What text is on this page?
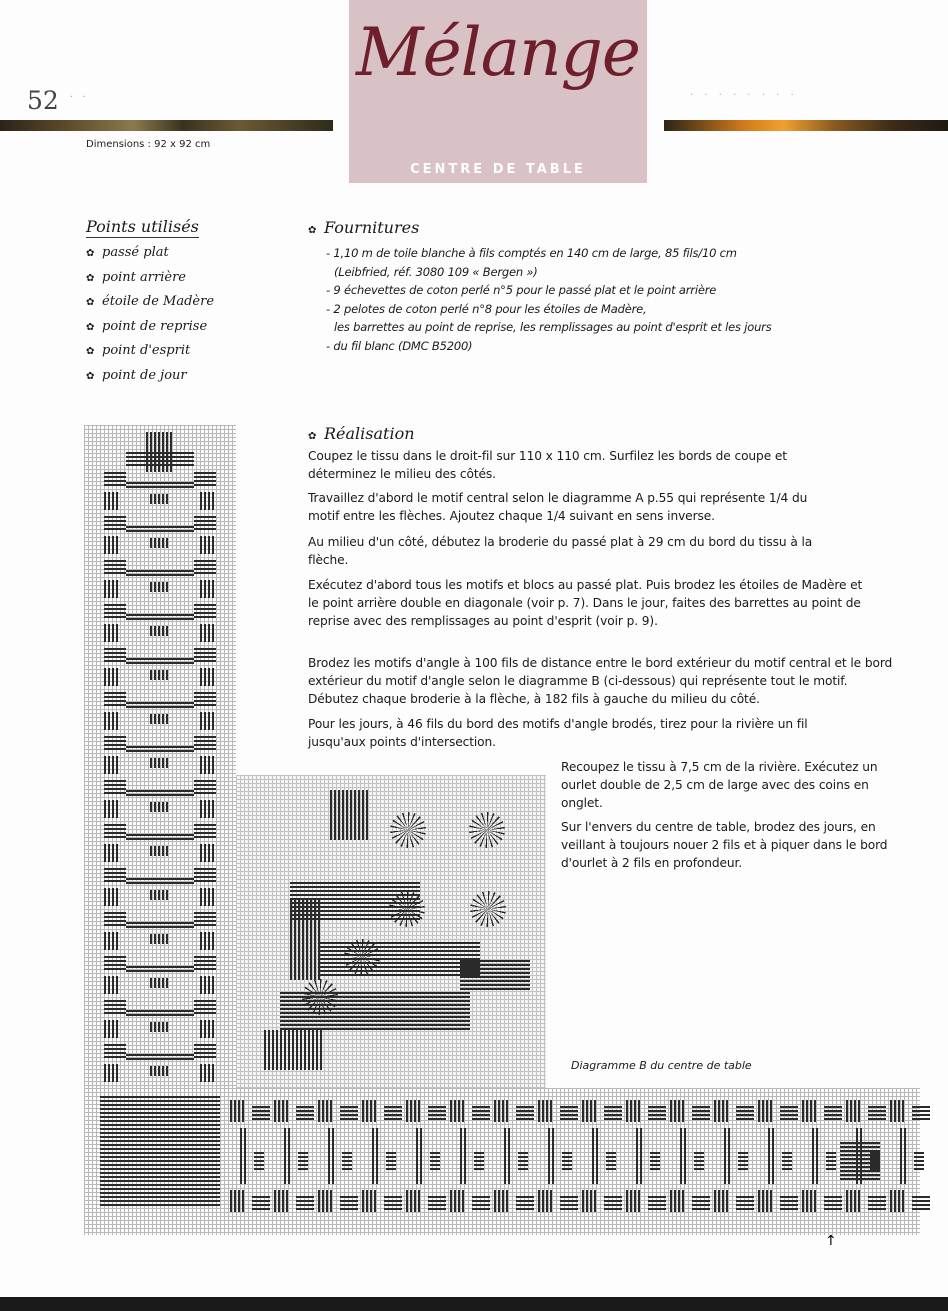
52 · ·	· · · · · · · ·
Mélange
CENTRE DE TABLE
Dimensions : 92 x 92 cm
Points utilisés
✿ passé plat
✿ point arrière
✿ étoile de Madère
✿ point de reprise
✿ point d'esprit
✿ point de jour
✿ Fournitures
- 1,10 m de toile blanche à fils comptés en 140 cm de large, 85 fils/10 cm
(Leibfried, réf. 3080 109 « Bergen »)
- 9 échevettes de coton perlé n°5 pour le passé plat et le point arrière
- 2 pelotes de coton perlé n°8 pour les étoiles de Madère,
les barrettes au point de reprise, les remplissages au point d'esprit et les jours
- du fil blanc (DMC B5200)
✿ Réalisation

Coupez le tissu dans le droit-fil sur 110 x 110 cm. Surfilez les bords de coupe et déterminez le milieu des côtés.

Travaillez d'abord le motif central selon le diagramme A p.55 qui représente 1/4 du motif entre les flèches. Ajoutez chaque 1/4 suivant en sens inverse.

Au milieu d'un côté, débutez la broderie du passé plat à 29 cm du bord du tissu à la flèche.

Exécutez d'abord tous les motifs et blocs au passé plat. Puis brodez les étoiles de Madère et le point arrière double en diagonale (voir p. 7). Dans le jour, faites des barrettes au point de reprise avec des remplissages au point d'esprit (voir p. 9).

Brodez les motifs d'angle à 100 fils de distance entre le bord extérieur du motif central et le bord extérieur du motif d'angle selon le diagramme B (ci-dessous) qui représente tout le motif. Débutez chaque broderie à la flèche, à 182 fils à gauche du milieu du côté.

Pour les jours, à 46 fils du bord des motifs d'angle brodés, tirez pour la rivière un fil jusqu'aux points d'intersection.

Recoupez le tissu à 7,5 cm de la rivière. Exécutez un ourlet double de 2,5 cm de large avec des coins en onglet.

Sur l'envers du centre de table, brodez des jours, en veillant à toujours nouer 2 fils et à piquer dans le bord d'ourlet à 2 fils en profondeur.

Diagramme B du centre de table
↑
